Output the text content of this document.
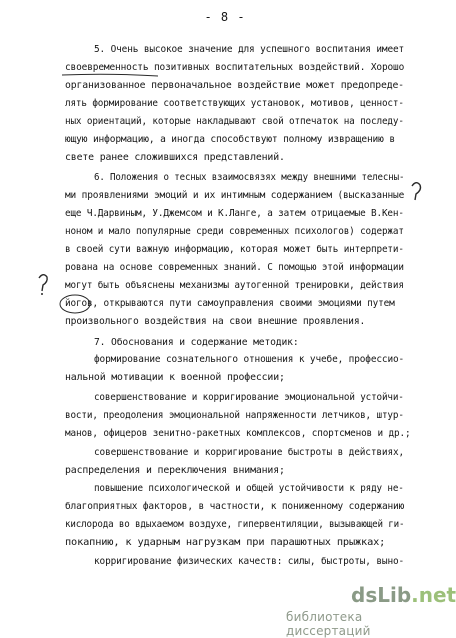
- 8 -
5. Очень высокое значение для успешного воспитания имеет
своевременность позитивных воспитательных воздействий. Хорошо
организованное первоначальное воздействие может предопреде-
лять формирование соответствующих установок, мотивов, ценност-
ных ориентаций, которые накладывают свой отпечаток на последу-
ющую информацию, а иногда способствуют полному извращению в
свете ранее сложившихся представлений.
6. Положения о тесных взаимосвязях между внешними телесны-
ми проявлениями эмоций и их интимным содержанием (высказанные
еще Ч.Дарвиным, У.Джемсом и К.Ланге, а затем отрицаемые В.Кен-
ноном и мало популярные среди современных психологов) содержат
в своей сути важную информацию, которая может быть интерпрети-
рована на основе современных знаний. С помощью этой информации
могут быть объяснены механизмы аутогенной тренировки, действия
йогов, открываются пути самоуправления своими эмоциями путем
произвольного воздействия на свои внешние проявления.
7. Обоснования и содержание методик:
формирование сознательного отношения к учебе, профессио-
нальной мотивации к военной профессии;
совершенствование и корригирование эмоциональной устойчи-
вости, преодоления эмоциональной напряженности летчиков, штур-
манов, офицеров зенитно-ракетных комплексов, спортсменов и др.;
совершенствование и корригирование быстроты в действиях,
распределения и переключения внимания;
повышение психологической и общей устойчивости к ряду не-
благоприятных факторов, в частности, к пониженному содержанию
кислорода во вдыхаемом воздухе, гипервентиляции, вызывающей ги-
покапнию, к ударным нагрузкам при парашютных прыжках;
корригирование физических качеств: силы, быстроты, выно-
dsLib.net
библиотека диссертаций
